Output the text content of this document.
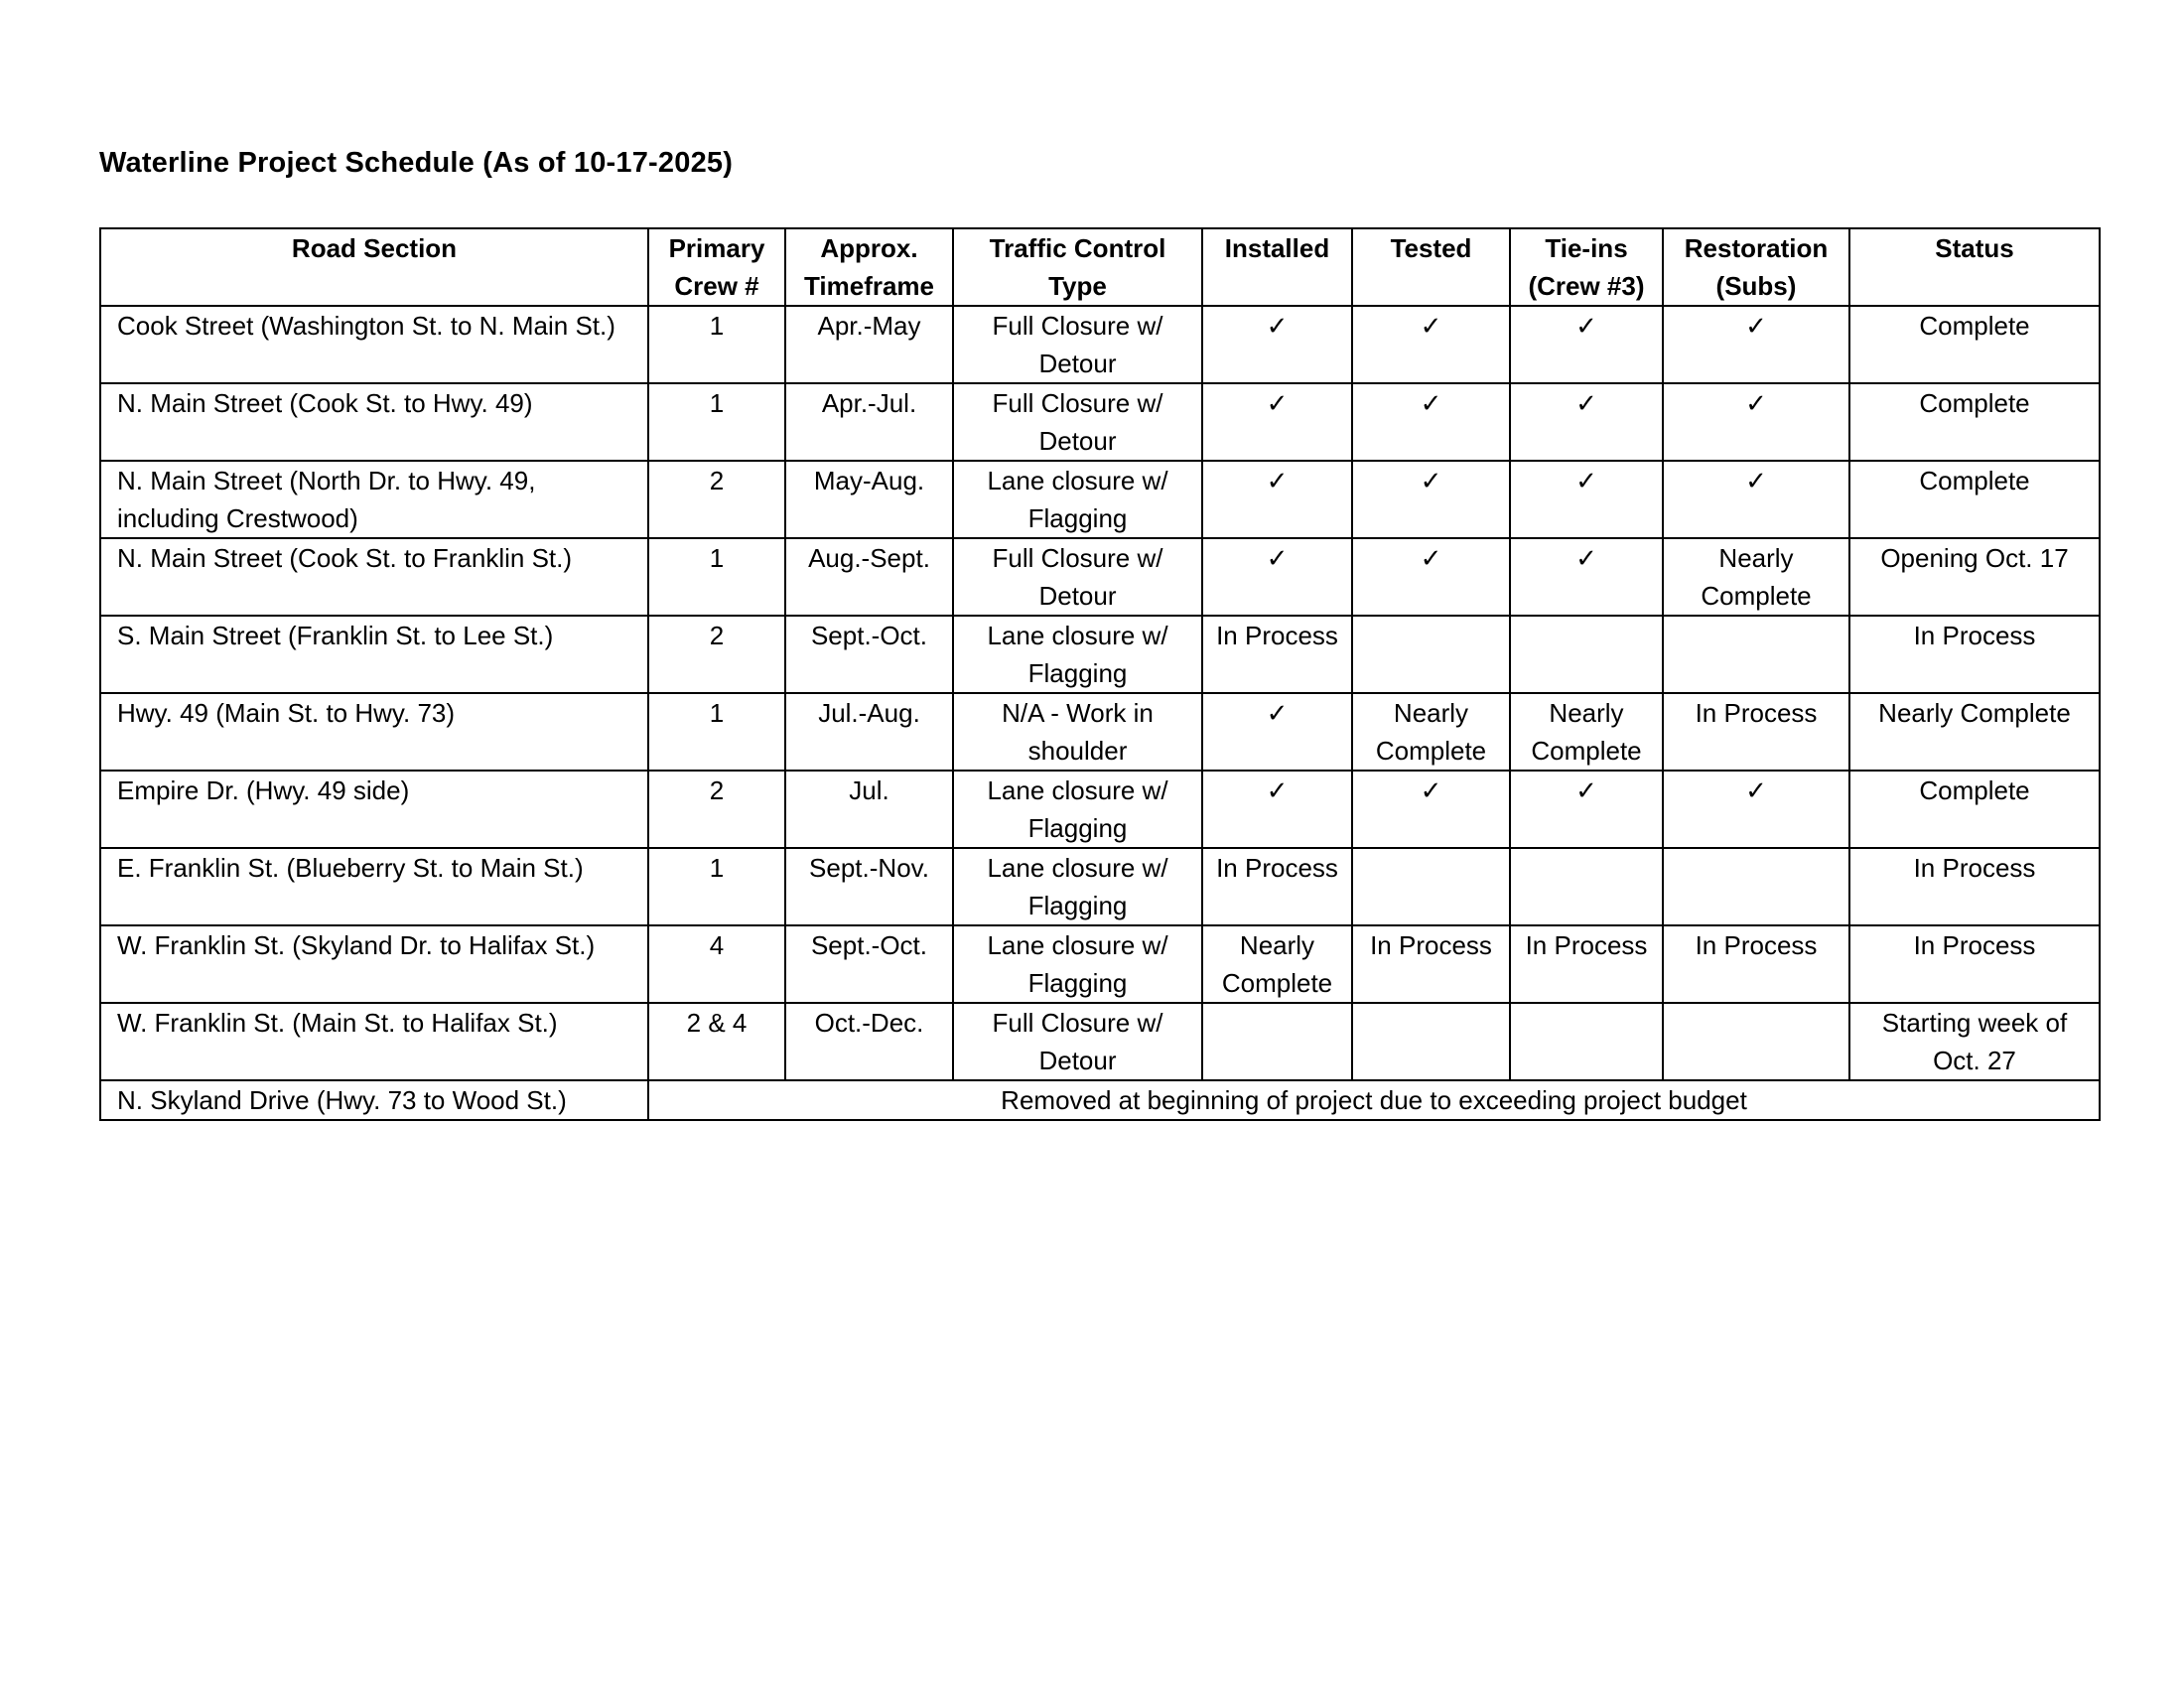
Waterline Project Schedule (As of 10-17-2025)
Road Section	Primary Crew #	Approx. Timeframe	Traffic Control Type	Installed	Tested	Tie-ins (Crew #3)	Restoration (Subs)	Status
Cook Street (Washington St. to N. Main St.)	1	Apr.-May	Full Closure w/ Detour	✓	✓	✓	✓	Complete
N. Main Street (Cook St. to Hwy. 49)	1	Apr.-Jul.	Full Closure w/ Detour	✓	✓	✓	✓	Complete
N. Main Street (North Dr. to Hwy. 49, including Crestwood)	2	May-Aug.	Lane closure w/ Flagging	✓	✓	✓	✓	Complete
N. Main Street (Cook St. to Franklin St.)	1	Aug.-Sept.	Full Closure w/ Detour	✓	✓	✓	Nearly Complete	Opening Oct. 17
S. Main Street (Franklin St. to Lee St.)	2	Sept.-Oct.	Lane closure w/ Flagging	In Process				In Process
Hwy. 49 (Main St. to Hwy. 73)	1	Jul.-Aug.	N/A - Work in shoulder	✓	Nearly Complete	Nearly Complete	In Process	Nearly Complete
Empire Dr. (Hwy. 49 side)	2	Jul.	Lane closure w/ Flagging	✓	✓	✓	✓	Complete
E. Franklin St. (Blueberry St. to Main St.)	1	Sept.-Nov.	Lane closure w/ Flagging	In Process				In Process
W. Franklin St. (Skyland Dr. to Halifax St.)	4	Sept.-Oct.	Lane closure w/ Flagging	Nearly Complete	In Process	In Process	In Process	In Process
W. Franklin St. (Main St. to Halifax St.)	2 & 4	Oct.-Dec.	Full Closure w/ Detour					Starting week of Oct. 27
N. Skyland Drive (Hwy. 73 to Wood St.)	Removed at beginning of project due to exceeding project budget							
